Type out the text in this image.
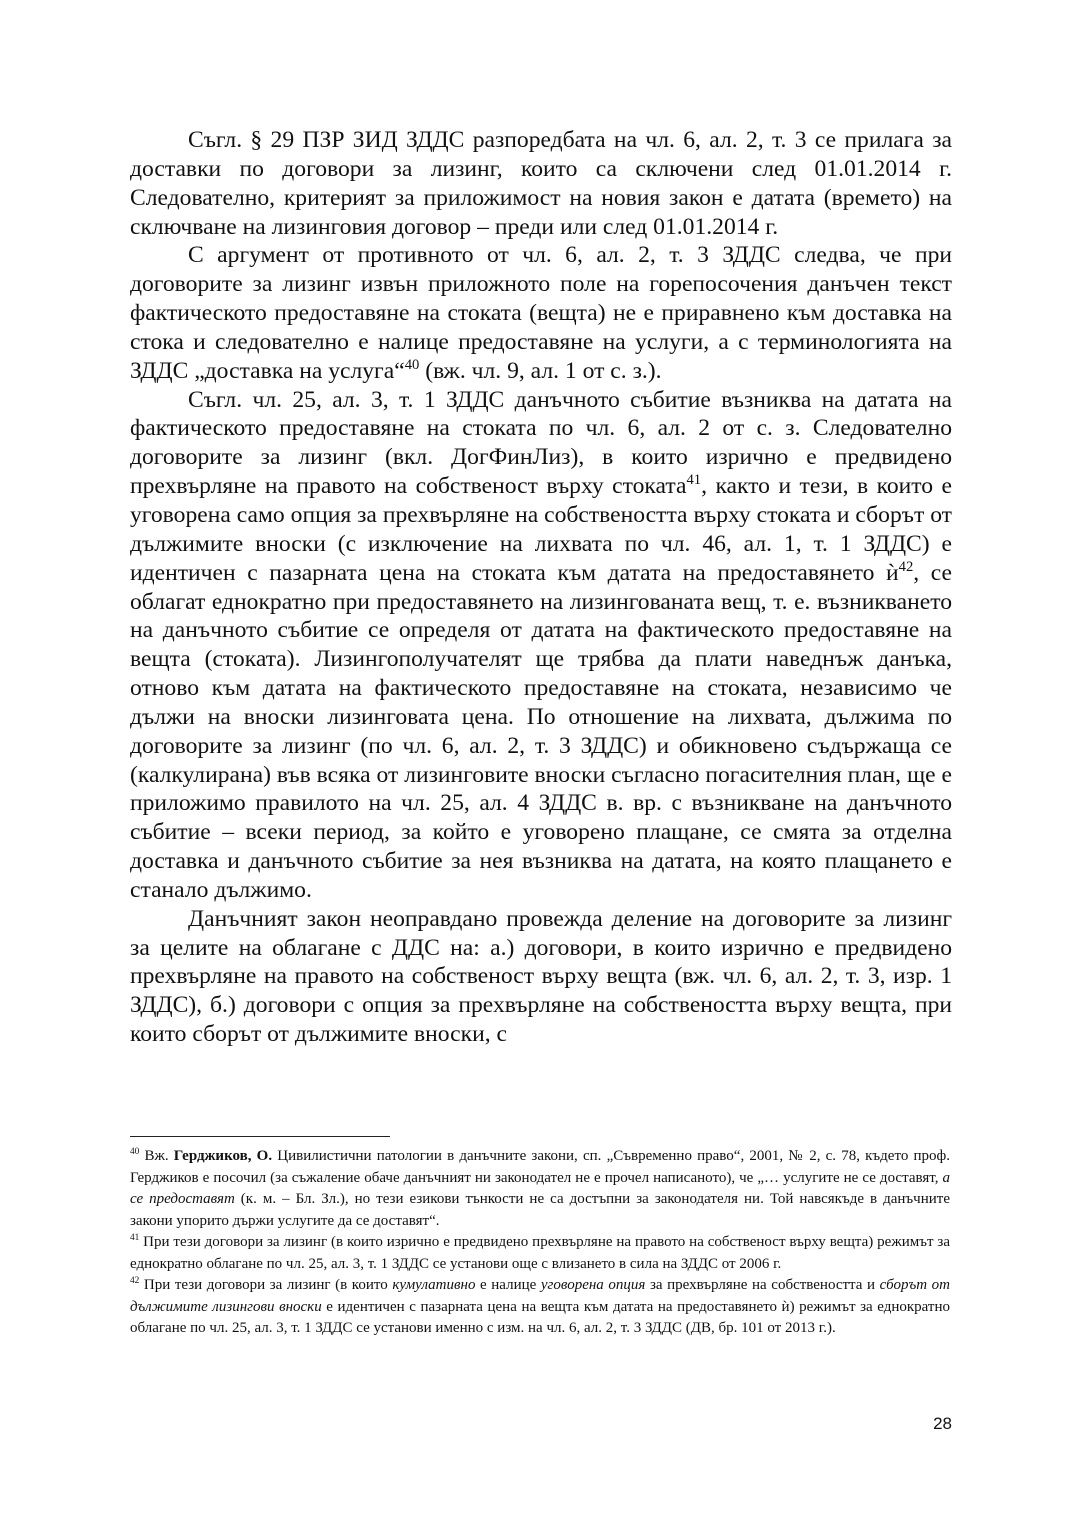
Съгл. § 29 ПЗР ЗИД ЗДДС разпоредбата на чл. 6, ал. 2, т. 3 се прилага за доставки по договори за лизинг, които са сключени след 01.01.2014 г. Следователно, критерият за приложимост на новия закон е датата (времето) на сключване на лизинговия договор – преди или след 01.01.2014 г.

С аргумент от противното от чл. 6, ал. 2, т. 3 ЗДДС следва, че при договорите за лизинг извън приложното поле на горепосочения данъчен текст фактическото предоставяне на стоката (вещта) не е приравнено към доставка на стока и следователно е налице предоставяне на услуги, а с терминологията на ЗДДС „доставка на услуга“$^{40}$ (вж. чл. 9, ал. 1 от с. з.).

Съгл. чл. 25, ал. 3, т. 1 ЗДДС данъчното събитие възниква на датата на фактическото предоставяне на стоката по чл. 6, ал. 2 от с. з. Следователно договорите за лизинг (вкл. ДогФинЛиз), в които изрично е предвидено прехвърляне на правото на собственост върху стоката$^{41}$, както и тези, в които е уговорена само опция за прехвърляне на собствеността върху стоката и сборът от дължимите вноски (с изключение на лихвата по чл. 46, ал. 1, т. 1 ЗДДС) е идентичен с пазарната цена на стоката към датата на предоставянето $ѝ^{42}$, се облагат еднократно при предоставянето на лизингованата вещ, т. е. възникването на данъчното събитие се определя от датата на фактическото предоставяне на вещта (стоката). Лизингополучателят ще трябва да плати наведнъж данъка, отново към датата на фактическото предоставяне на стоката, независимо че дължи на вноски лизинговата цена. По отношение на лихвата, дължима по договорите за лизинг (по чл. 6, ал. 2, т. 3 ЗДДС) и обикновено съдържаща се (калкулирана) във всяка от лизинговите вноски съгласно погасителния план, ще е приложимо правилото на чл. 25, ал. 4 ЗДДС в. вр. с възникване на данъчното събитие – всеки период, за който е уговорено плащане, се смята за отделна доставка и данъчното събитие за нея възниква на датата, на която плащането е станало дължимо.

Данъчният закон неоправдано провежда деление на договорите за лизинг за целите на облагане с ДДС на: а.) договори, в които изрично е предвидено прехвърляне на правото на собственост върху вещта (вж. чл. 6, ал. 2, т. 3, изр. 1 ЗДДС), б.) договори с опция за прехвърляне на собствеността върху вещта, при които сборът от дължимите вноски, с

$^{40}$ Вж. Герджиков, О. Цивилистични патологии в данъчните закони, сп. „Съвременно право“, 2001, № 2, с. 78, където проф. Герджиков е посочил (за съжаление обаче данъчният ни законодател не е прочел написаното), че „… услугите не се доставят, а се предоставят (к. м. – Бл. Зл.), но тези езикови тънкости не са достъпни за законодателя ни. Той навсякъде в данъчните закони упорито държи услугите да се доставят“.

$^{41}$ При тези договори за лизинг (в които изрично е предвидено прехвърляне на правото на собственост върху вещта) режимът за еднократно облагане по чл. 25, ал. 3, т. 1 ЗДДС се установи още с влизането в сила на ЗДДС от 2006 г.

$^{42}$ При тези договори за лизинг (в които кумулативно е налице уговорена опция за прехвърляне на собствеността и сборът от дължимите лизингови вноски е идентичен с пазарната цена на вещта към датата на предоставянето ѝ) режимът за еднократно облагане по чл. 25, ал. 3, т. 1 ЗДДС се установи именно с изм. на чл. 6, ал. 2, т. 3 ЗДДС (ДВ, бр. 101 от 2013 г.).

28
